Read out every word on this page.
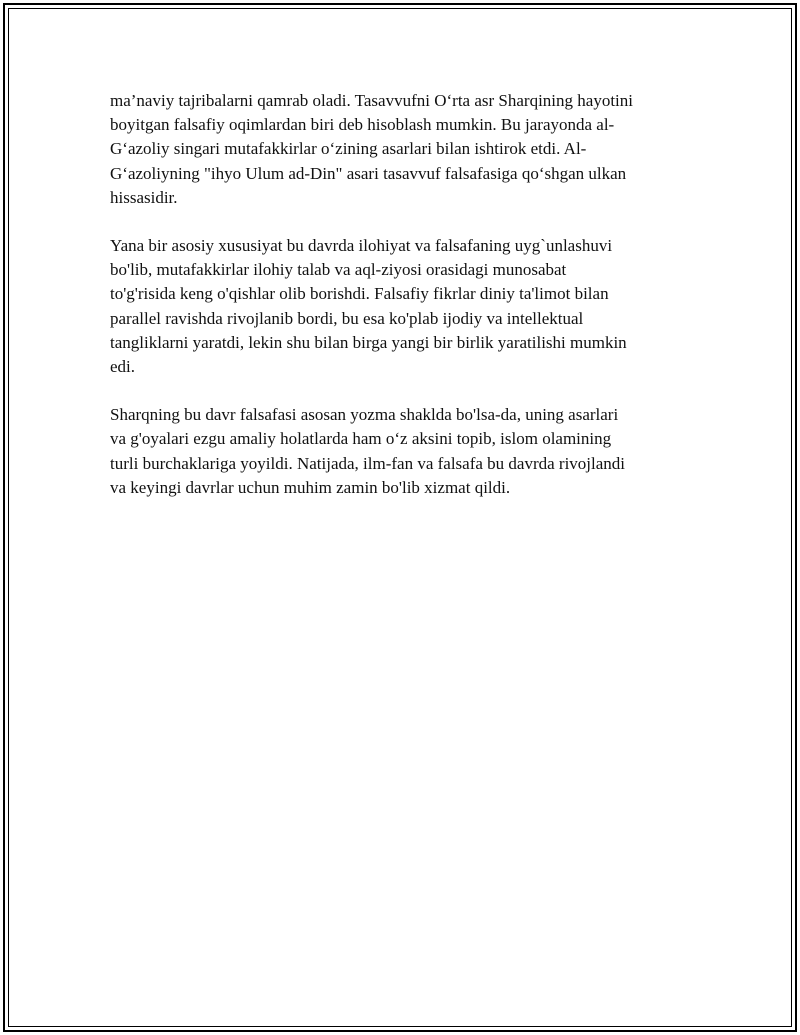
ma’naviy tajribalarni qamrab oladi. Tasavvufni O‘rta asr Sharqining hayotini
boyitgan falsafiy oqimlardan biri deb hisoblash mumkin. Bu jarayonda al-
G‘azoliy singari mutafakkirlar o‘zining asarlari bilan ishtirok etdi. Al-
G‘azoliyning "ihyo Ulum ad-Din" asari tasavvuf falsafasiga qo‘shgan ulkan
hissasidir.

Yana bir asosiy xususiyat bu davrda ilohiyat va falsafaning uyg`unlashuvi
bo'lib, mutafakkirlar ilohiy talab va aql-ziyosi orasidagi munosabat
to'g'risida keng o'qishlar olib borishdi. Falsafiy fikrlar diniy ta'limot bilan
parallel ravishda rivojlanib bordi, bu esa ko'plab ijodiy va intellektual
tangliklarni yaratdi, lekin shu bilan birga yangi bir birlik yaratilishi mumkin
edi.

Sharqning bu davr falsafasi asosan yozma shaklda bo'lsa-da, uning asarlari
va g'oyalari ezgu amaliy holatlarda ham o‘z aksini topib, islom olamining
turli burchaklariga yoyildi. Natijada, ilm-fan va falsafa bu davrda rivojlandi
va keyingi davrlar uchun muhim zamin bo'lib xizmat qildi.
